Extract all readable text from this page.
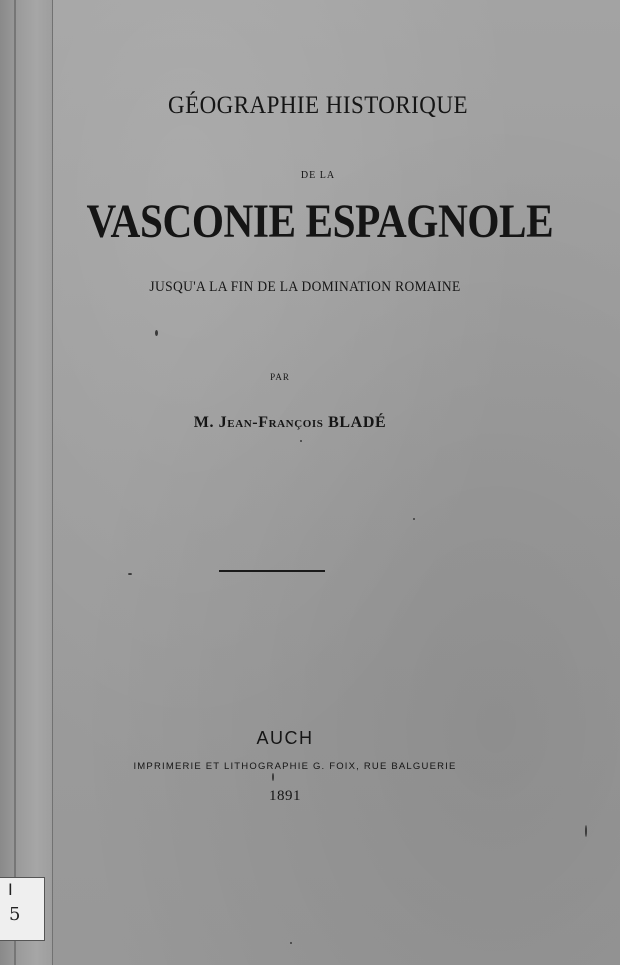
GÉOGRAPHIE HISTORIQUE
DE LA
VASCONIE ESPAGNOLE
JUSQU'A LA FIN DE LA DOMINATION ROMAINE
PAR
M. Jean-François BLADÉ
AUCH
IMPRIMERIE ET LITHOGRAPHIE G. FOIX, RUE BALGUERIE
1891
I
5
